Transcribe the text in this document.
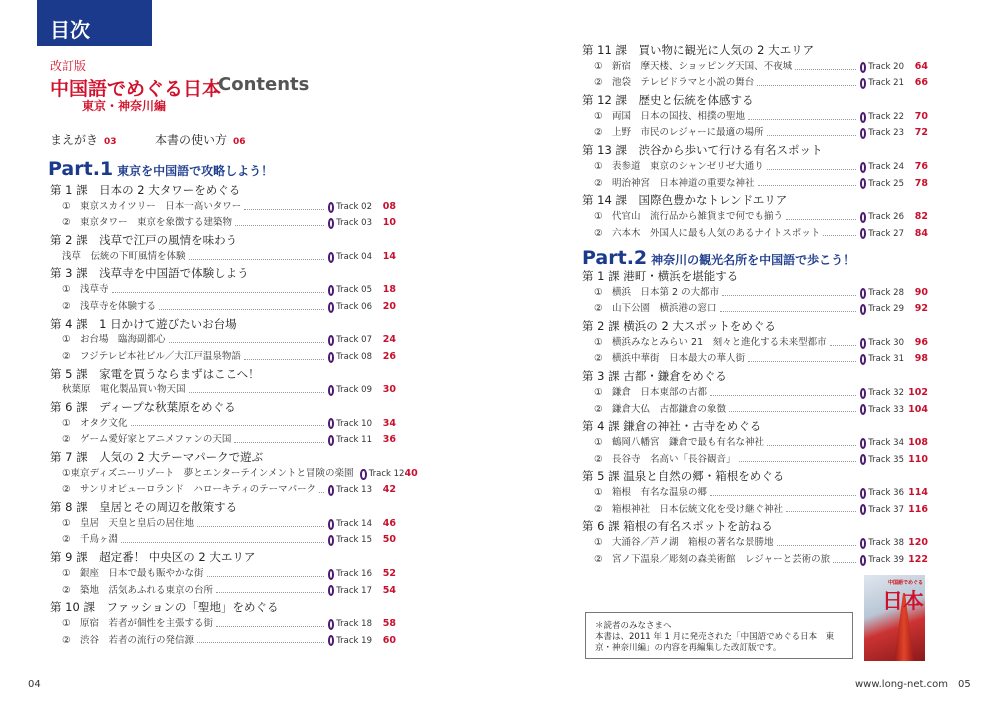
目次
改訂版
中国語でめぐる日本
Contents
東京・神奈川編
まえがき 03	本書の使い方 06
Part.1 東京を中国語で攻略しよう！
第 1 課　日本の 2 大タワーをめぐる
① 東京スカイツリー　日本一高いタワー	Track 02	08
② 東京タワー　東京を象徴する建築物	Track 03	10
第 2 課　浅草で江戸の風情を味わう
浅草　伝統の下町風情を体験	Track 04	14
第 3 課　浅草寺を中国語で体験しよう
① 浅草寺	Track 05	18
② 浅草寺を体験する	Track 06	20
第 4 課　1 日かけて遊びたいお台場
① お台場　臨海副都心	Track 07	24
② フジテレビ本社ビル／大江戸温泉物語	Track 08	26
第 5 課　家電を買うならまずはここへ！
秋葉原　電化製品買い物天国	Track 09	30
第 6 課　ディープな秋葉原をめぐる
① オタク文化	Track 10	34
② ゲーム愛好家とアニメファンの天国	Track 11	36
第 7 課　人気の 2 大テーマパークで遊ぶ
① 東京ディズニーリゾート　夢とエンターテインメントと冒険の楽園 Track 12 40
② サンリオピューロランド　ハローキティのテーマパーク Track 13	42
第 8 課　皇居とその周辺を散策する
① 皇居　天皇と皇后の居住地	Track 14	46
② 千鳥ヶ淵	Track 15	50
第 9 課　超定番！ 中央区の 2 大エリア
① 銀座　日本で最も賑やかな街	Track 16	52
② 築地　活気あふれる東京の台所	Track 17	54
第 10 課　ファッションの「聖地」をめぐる
① 原宿　若者が個性を主張する街	Track 18	58
② 渋谷　若者の流行の発信源	Track 19	60
第 11 課　買い物に観光に人気の 2 大エリア
① 新宿　摩天楼、ショッピング天国、不夜城	Track 20	64
② 池袋　テレビドラマと小説の舞台	Track 21	66
第 12 課　歴史と伝統を体感する
① 両国　日本の国技、相撲の聖地	Track 22	70
② 上野　市民のレジャーに最適の場所	Track 23	72
第 13 課　渋谷から歩いて行ける有名スポット
① 表参道　東京のシャンゼリゼ大通り	Track 24	76
② 明治神宮　日本神道の重要な神社	Track 25	78
第 14 課　国際色豊かなトレンドエリア
① 代官山　流行品から雑貨まで何でも揃う	Track 26	82
② 六本木　外国人に最も人気のあるナイトスポット	Track 27	84
Part.2 神奈川の観光名所を中国語で歩こう！
第 1 課 港町・横浜を堪能する
① 横浜　日本第 2 の大都市	Track 28	90
② 山下公園　横浜港の窓口	Track 29	92
第 2 課 横浜の 2 大スポットをめぐる
① 横浜みなとみらい 21　刻々と進化する未来型都市	Track 30	96
② 横浜中華街　日本最大の華人街	Track 31	98
第 3 課 古都・鎌倉をめぐる
① 鎌倉　日本東部の古都	Track 32 102
② 鎌倉大仏　古都鎌倉の象徴	Track 33 104
第 4 課 鎌倉の神社・古寺をめぐる
① 鶴岡八幡宮　鎌倉で最も有名な神社	Track 34 108
② 長谷寺　名高い「長谷観音」	Track 35 110
第 5 課 温泉と自然の郷・箱根をめぐる
① 箱根　有名な温泉の郷	Track 36 114
② 箱根神社　日本伝統文化を受け継ぐ神社	Track 37 116
第 6 課 箱根の有名スポットを訪ねる
① 大涌谷／芦ノ湖　箱根の著名な景勝地	Track 38 120
② 宮ノ下温泉／彫刻の森美術館　レジャーと芸術の旅	Track 39 122
＊読者のみなさまへ
本書は、2011 年 1 月に発売された「中国語でめぐる日本　東京・神奈川編」の内容を再編集した改訂版です。
中国語でめぐる
日本
04	www.long-net.com 05
